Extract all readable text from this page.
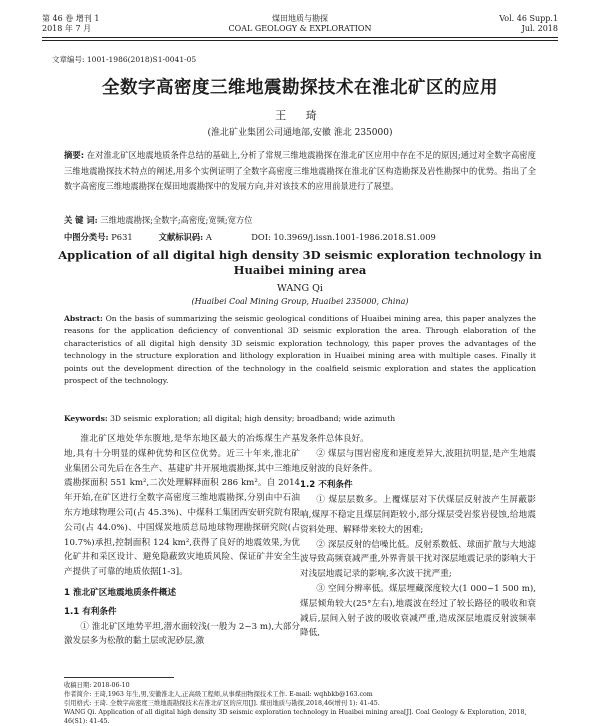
第 46 卷 增刊 1
2018 年 7 月
煤田地质与勘探
COAL GEOLOGY & EXPLORATION
Vol. 46 Supp.1
Jul. 2018
文章编号: 1001-1986(2018)S1-0041-05
全数字高密度三维地震勘探技术在淮北矿区的应用
王 琦
(淮北矿业集团公司通地部,安徽 淮北 235000)
摘要: 在对淮北矿区地震地质条件总结的基础上,分析了常规三维地震勘探在淮北矿区应用中存在不足的原因;通过对全数字高密度三维地震勘探技术特点的阐述,用多个实例证明了全数字高密度三维地震勘探在淮北矿区构造勘探及岩性勘探中的优势。指出了全数字高密度三维地震勘探在煤田地震勘探中的发展方向,并对该技术的应用前景进行了展望。
关 键 词: 三维地震勘探;全数字;高密度;宽频;宽方位
中图分类号: P631	文献标识码: A	DOI: 10.3969/j.issn.1001-1986.2018.S1.009
Application of all digital high density 3D seismic exploration technology in
Huaibei mining area
WANG Qi
(Huaibei Coal Mining Group, Huaibei 235000, China)
Abstract: On the basis of summarizing the seismic geological conditions of Huaibei mining area, this paper analyzes the reasons for the application deficiency of conventional 3D seismic exploration the area. Through elaboration of the characteristics of all digital high density 3D seismic exploration technology, this paper proves the advantages of the technology in the structure exploration and lithology exploration in Huaibei mining area with multiple cases. Finally it points out the development direction of the technology in the coalfield seismic exploration and states the application prospect of the technology.
Keywords: 3D seismic exploration; all digital; high density; broadband; wide azimuth

淮北矿区地处华东腹地,是华东地区最大的冶炼煤生产基地,具有十分明显的煤种优势和区位优势。近三十年来,淮北矿业集团公司先后在各生产、基建矿井开展地震勘探,其中三维地震勘探面积 551 km²,二次处理解释面积 286 km²。自 2014年开始,在矿区进行全数字高密度三维地震勘探,分别由中石油东方地球物理公司(占 45.3%)、中煤科工集团西安研究院有限公司(占 44.0%)、中国煤炭地质总局地球物理勘探研究院(占 10.7%)承担,控制面积 124 km²,获得了良好的地震效果,为优化矿井和采区设计、避免隐蔽致灾地质风险、保证矿井安全生产提供了可靠的地质依据[1-3]。

1 淮北矿区地震地质条件概述

1.1 有利条件

① 淮北矿区地势平坦,潜水面较浅(一般为 2~3 m),大部分激发层多为松散的黏土层或泥砂层,激

发条件总体良好。

② 煤层与围岩密度和速度差异大,波阻抗明显,是产生地震反射波的良好条件。

1.2 不利条件

① 煤层层数多。上覆煤层对下伏煤层反射波产生屏蔽影响,煤厚不稳定且煤层间距较小,部分煤层受岩浆岩侵蚀,给地震资料处理、解释带来较大的困难;

② 深层反射的信噪比低。反射系数低、球面扩散与大地滤波导致高频衰减严重,外界背景干扰对深层地震记录的影响大于对浅层地震记录的影响,多次波干扰严重;

③ 空间分辨率低。煤层埋藏深度较大(1 000~1 500 m),煤层倾角较大(25°左右),地震波在经过了较长路径的吸收和衰减后,层间入射子波的吸收衰减严重,造成深层地震反射波频率降低,

收稿日期: 2018-06-10
作者简介: 王琦,1963 年生,男,安徽淮北人,正高级工程师,从事煤田物探技术工作. E-mail: wqhbkb@163.com
引用格式: 王琦. 全数字高密度三维地震勘探技术在淮北矿区的应用[J]. 煤田地质与勘探,2018,46(增刊 1): 41-45.
WANG Qi. Application of all digital high density 3D seismic exploration technology in Huaibei mining area[J]. Coal Geology & Exploration, 2018, 46(S1): 41-45.
